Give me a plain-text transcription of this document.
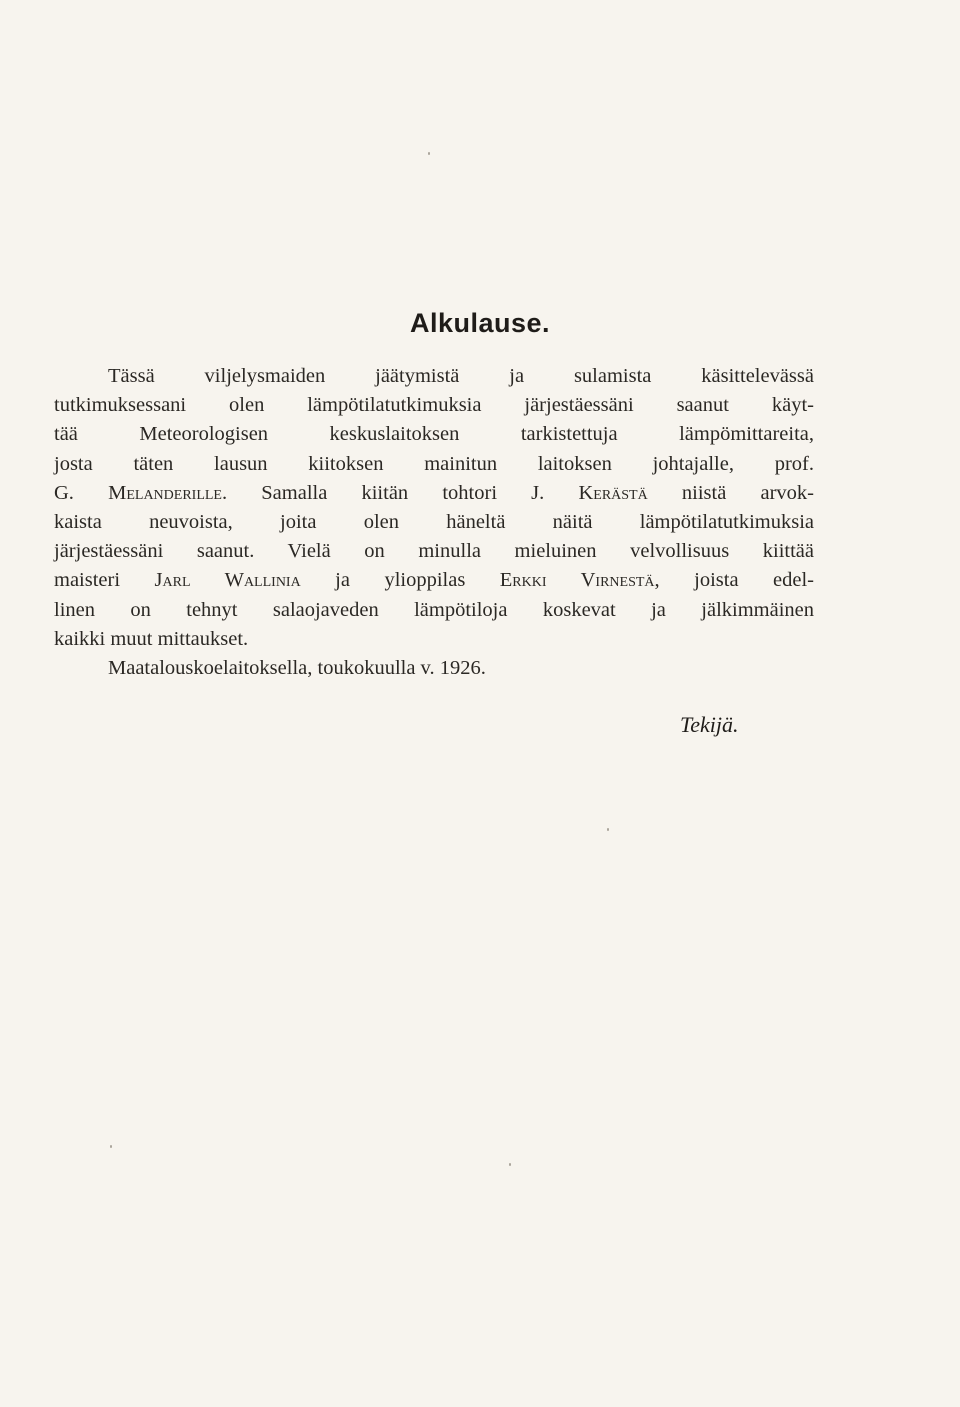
Alkulause.
Tässä viljelysmaiden jäätymistä ja sulamista käsittelevässä
tutkimuksessani olen lämpötilatutkimuksia järjestäessäni saanut käyt-
tää Meteorologisen keskuslaitoksen tarkistettuja lämpömittareita,
josta täten lausun kiitoksen mainitun laitoksen johtajalle, prof.
G. Melanderille. Samalla kiitän tohtori J. Kerästä niistä arvok-
kaista neuvoista, joita olen häneltä näitä lämpötilatutkimuksia
järjestäessäni saanut. Vielä on minulla mieluinen velvollisuus kiittää
maisteri Jarl Wallinia ja ylioppilas Erkki Virnestä, joista edel-
linen on tehnyt salaojaveden lämpötiloja koskevat ja jälkimmäinen
kaikki muut mittaukset.
Maatalouskoelaitoksella, toukokuulla v. 1926.
Tekijä.
